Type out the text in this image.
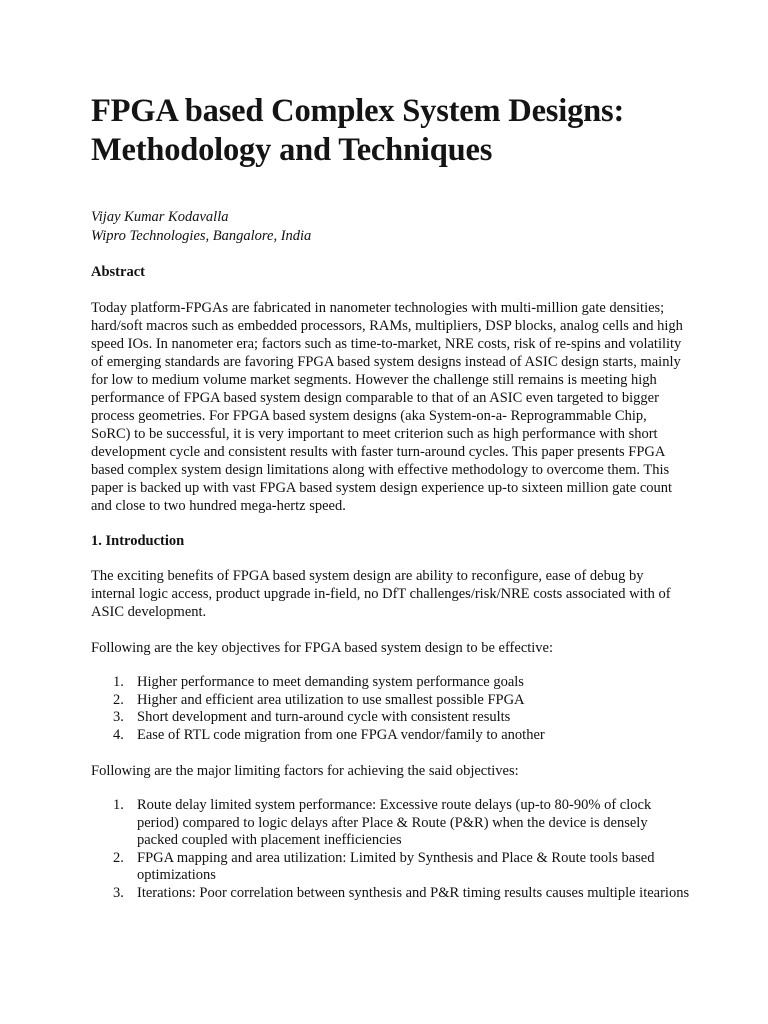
FPGA based Complex System Designs:
Methodology and Techniques
Vijay Kumar Kodavalla
Wipro Technologies, Bangalore, India

Abstract

Today platform-FPGAs are fabricated in nanometer technologies with multi-million gate densities; hard/soft macros such as embedded processors, RAMs, multipliers, DSP blocks, analog cells and high speed IOs. In nanometer era; factors such as time-to-market, NRE costs, risk of re-spins and volatility of emerging standards are favoring FPGA based system designs instead of ASIC design starts, mainly for low to medium volume market segments. However the challenge still remains is meeting high performance of FPGA based system design comparable to that of an ASIC even targeted to bigger process geometries. For FPGA based system designs (aka System-on-a- Reprogrammable Chip, SoRC) to be successful, it is very important to meet criterion such as high performance with short development cycle and consistent results with faster turn-around cycles. This paper presents FPGA based complex system design limitations along with effective methodology to overcome them. This paper is backed up with vast FPGA based system design experience up-to sixteen million gate count and close to two hundred mega-hertz speed.

1. Introduction

The exciting benefits of FPGA based system design are ability to reconfigure, ease of debug by internal logic access, product upgrade in-field, no DfT challenges/risk/NRE costs associated with of ASIC development.

Following are the key objectives for FPGA based system design to be effective:

1. Higher performance to meet demanding system performance goals
2. Higher and efficient area utilization to use smallest possible FPGA
3. Short development and turn-around cycle with consistent results
4. Ease of RTL code migration from one FPGA vendor/family to another

Following are the major limiting factors for achieving the said objectives:

1. Route delay limited system performance: Excessive route delays (up-to 80-90% of clock period) compared to logic delays after Place & Route (P&R) when the device is densely packed coupled with placement inefficiencies
2. FPGA mapping and area utilization: Limited by Synthesis and Place & Route tools based optimizations
3. Iterations: Poor correlation between synthesis and P&R timing results causes multiple itearions
